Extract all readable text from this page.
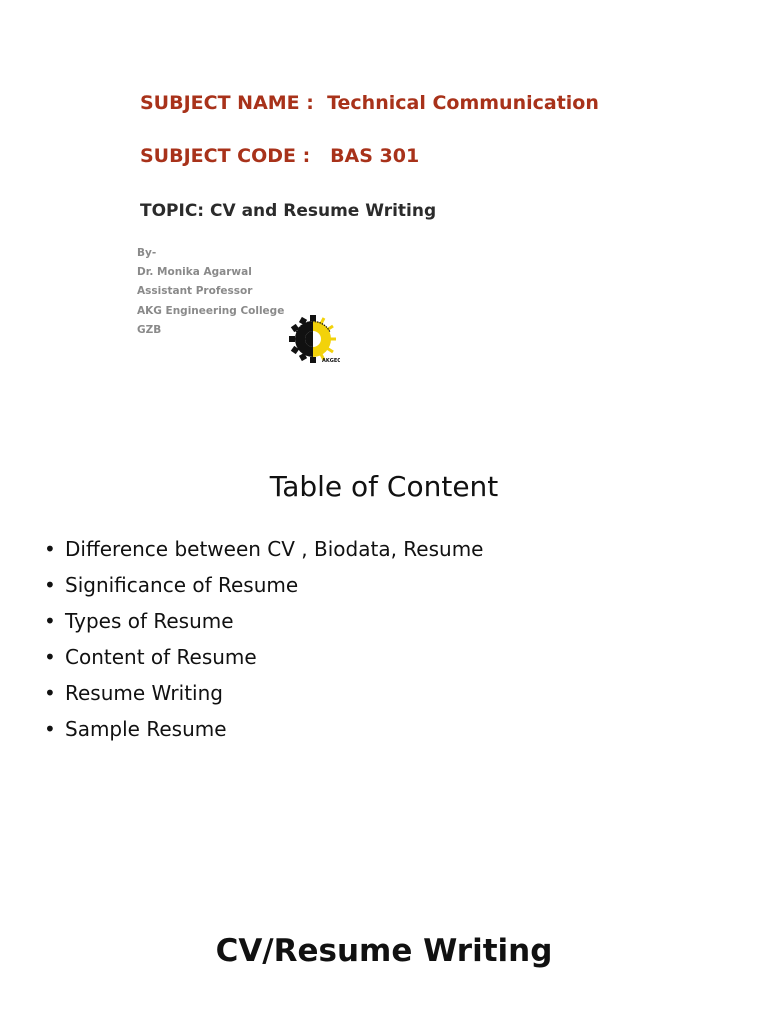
SUBJECT NAME :  Technical Communication
SUBJECT CODE :   BAS 301
TOPIC: CV and Resume Writing
By-
Dr. Monika Agarwal
Assistant Professor
AKG Engineering College
GZB
AKGEC
Table of Content
• Difference between CV , Biodata, Resume
• Significance of Resume
• Types of Resume
• Content of Resume
• Resume Writing
• Sample Resume
CV/Resume Writing
